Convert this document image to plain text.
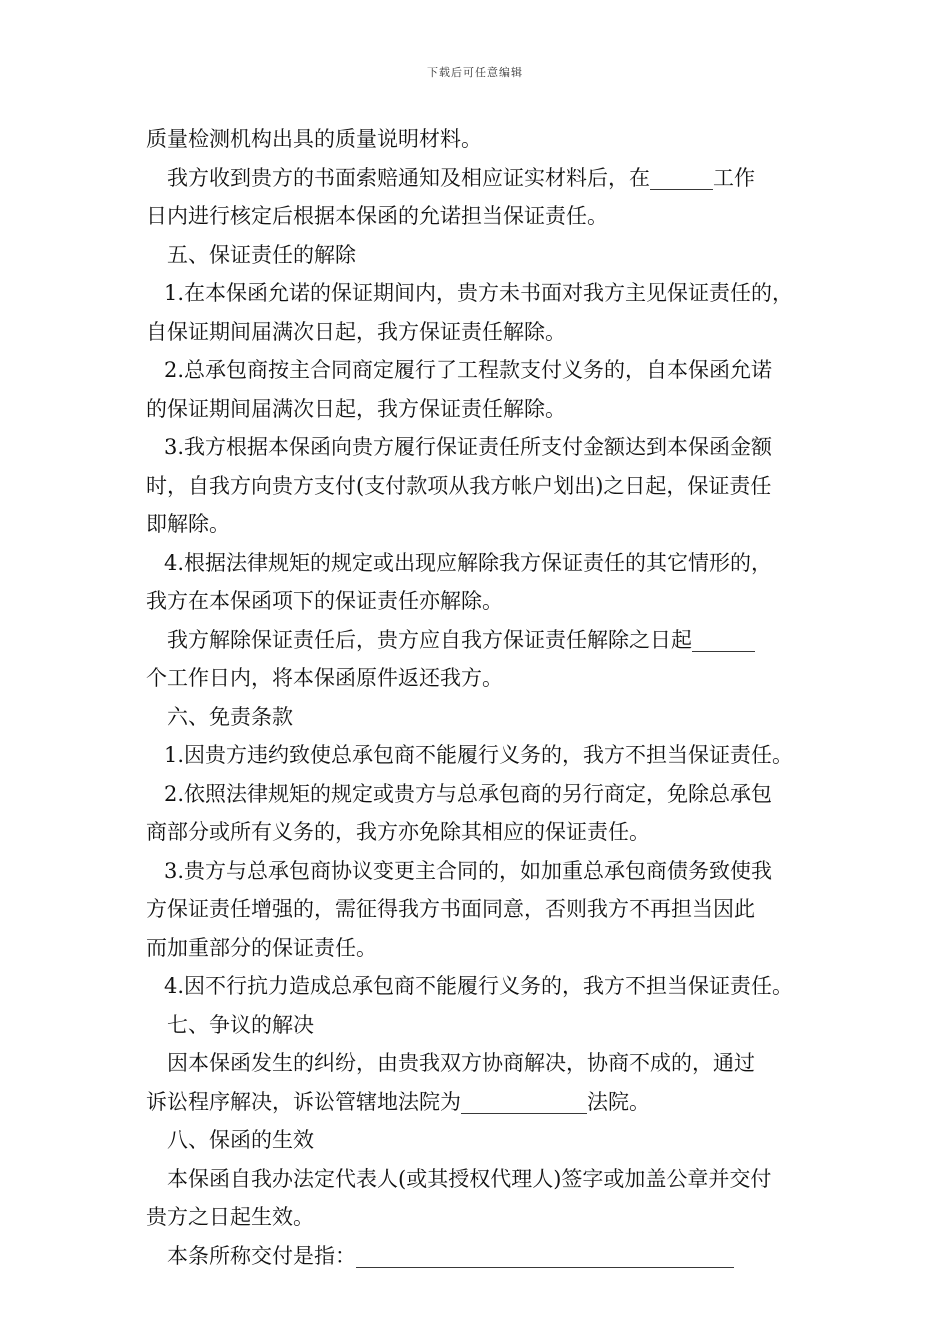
下载后可任意编辑
质量检测机构出具的质量说明材料。
我方收到贵方的书面索赔通知及相应证实材料后，在______工作
日内进行核定后根据本保函的允诺担当保证责任。
五、保证责任的解除
1.在本保函允诺的保证期间内，贵方未书面对我方主见保证责任的，
自保证期间届满次日起，我方保证责任解除。
2.总承包商按主合同商定履行了工程款支付义务的，自本保函允诺
的保证期间届满次日起，我方保证责任解除。
3.我方根据本保函向贵方履行保证责任所支付金额达到本保函金额
时，自我方向贵方支付(支付款项从我方帐户划出)之日起，保证责任
即解除。
4.根据法律规矩的规定或出现应解除我方保证责任的其它情形的，
我方在本保函项下的保证责任亦解除。
我方解除保证责任后，贵方应自我方保证责任解除之日起______
个工作日内，将本保函原件返还我方。
六、免责条款
1.因贵方违约致使总承包商不能履行义务的，我方不担当保证责任。
2.依照法律规矩的规定或贵方与总承包商的另行商定，免除总承包
商部分或所有义务的，我方亦免除其相应的保证责任。
3.贵方与总承包商协议变更主合同的，如加重总承包商债务致使我
方保证责任增强的，需征得我方书面同意，否则我方不再担当因此
而加重部分的保证责任。
4.因不行抗力造成总承包商不能履行义务的，我方不担当保证责任。
七、争议的解决
因本保函发生的纠纷，由贵我双方协商解决，协商不成的，通过
诉讼程序解决，诉讼管辖地法院为____________法院。
八、保函的生效
本保函自我办法定代表人(或其授权代理人)签字或加盖公章并交付
贵方之日起生效。
本条所称交付是指：____________________________________
